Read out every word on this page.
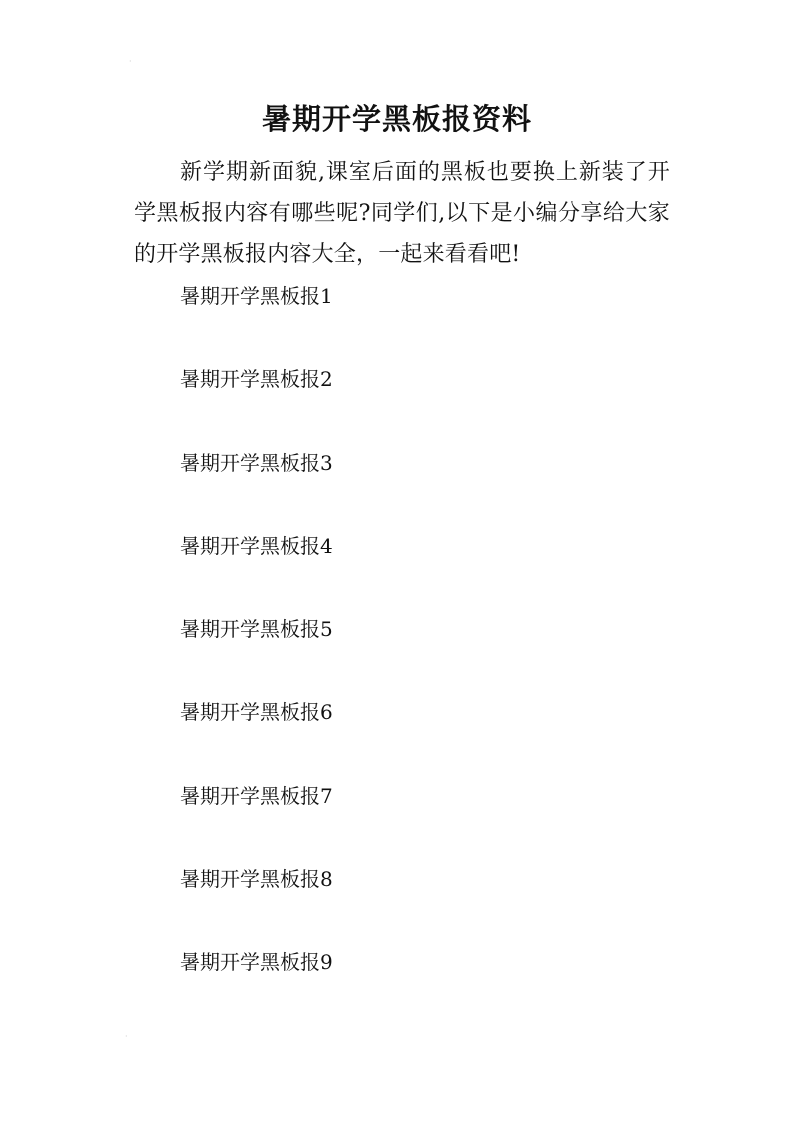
·
暑期开学黑板报资料

新学期新面貌,课室后面的黑板也要换上新装了开学黑板报内容有哪些呢?同学们,以下是小编分享给大家的开学黑板报内容大全，一起来看看吧!

暑期开学黑板报1
暑期开学黑板报2
暑期开学黑板报3
暑期开学黑板报4
暑期开学黑板报5
暑期开学黑板报6
暑期开学黑板报7
暑期开学黑板报8
暑期开学黑板报9
·
